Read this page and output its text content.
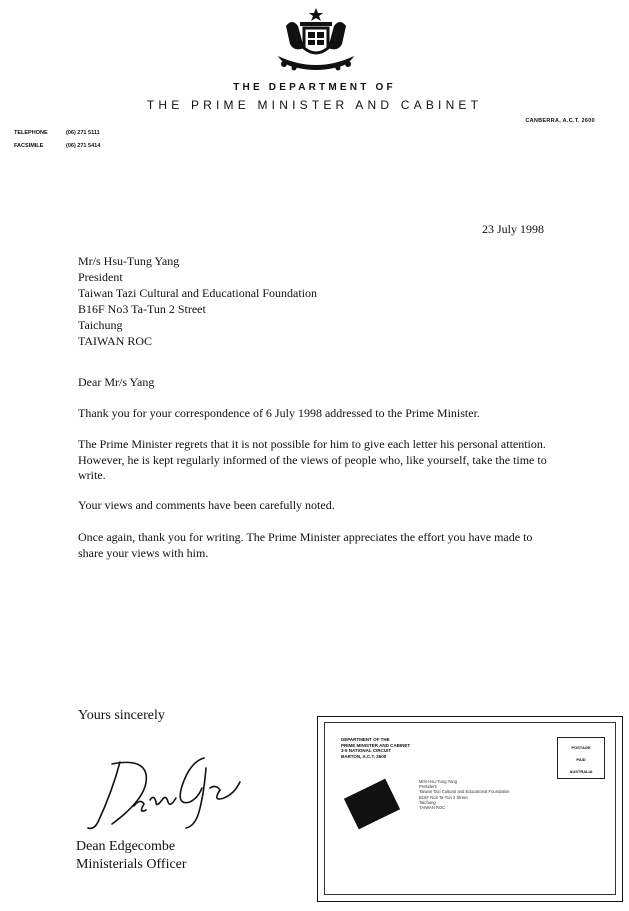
THE DEPARTMENT OF
THE PRIME MINISTER AND CABINET
CANBERRA, A.C.T. 2600
TELEPHONE	(06) 271 5111
FACSIMILE	(06) 271 5414
23 July 1998
Mr/s Hsu-Tung Yang
President
Taiwan Tazi Cultural and Educational Foundation
B16F No3 Ta-Tun 2 Street
Taichung
TAIWAN ROC
Dear Mr/s Yang
Thank you for your correspondence of 6 July 1998 addressed to the Prime Minister.
The Prime Minister regrets that it is not possible for him to give each letter his personal attention. However, he is kept regularly informed of the views of people who, like yourself, take the time to write.
Your views and comments have been carefully noted.
Once again, thank you for writing. The Prime Minister appreciates the effort you have made to share your views with him.
Yours sincerely
Dean Edgecombe
Ministerials Officer
DEPARTMENT OF THE
PRIME MINISTER AND CABINET
3-5 NATIONAL CIRCUIT
BARTON, A.C.T. 2600
POSTAGE
PAID
AUSTRALIA
Mr/s Hsu-Tung Yang
President
Taiwan Tazi Cultural and Educational Foundation
B16F No3 Ta-Tun 2 Street
Taichung
TAIWAN ROC
